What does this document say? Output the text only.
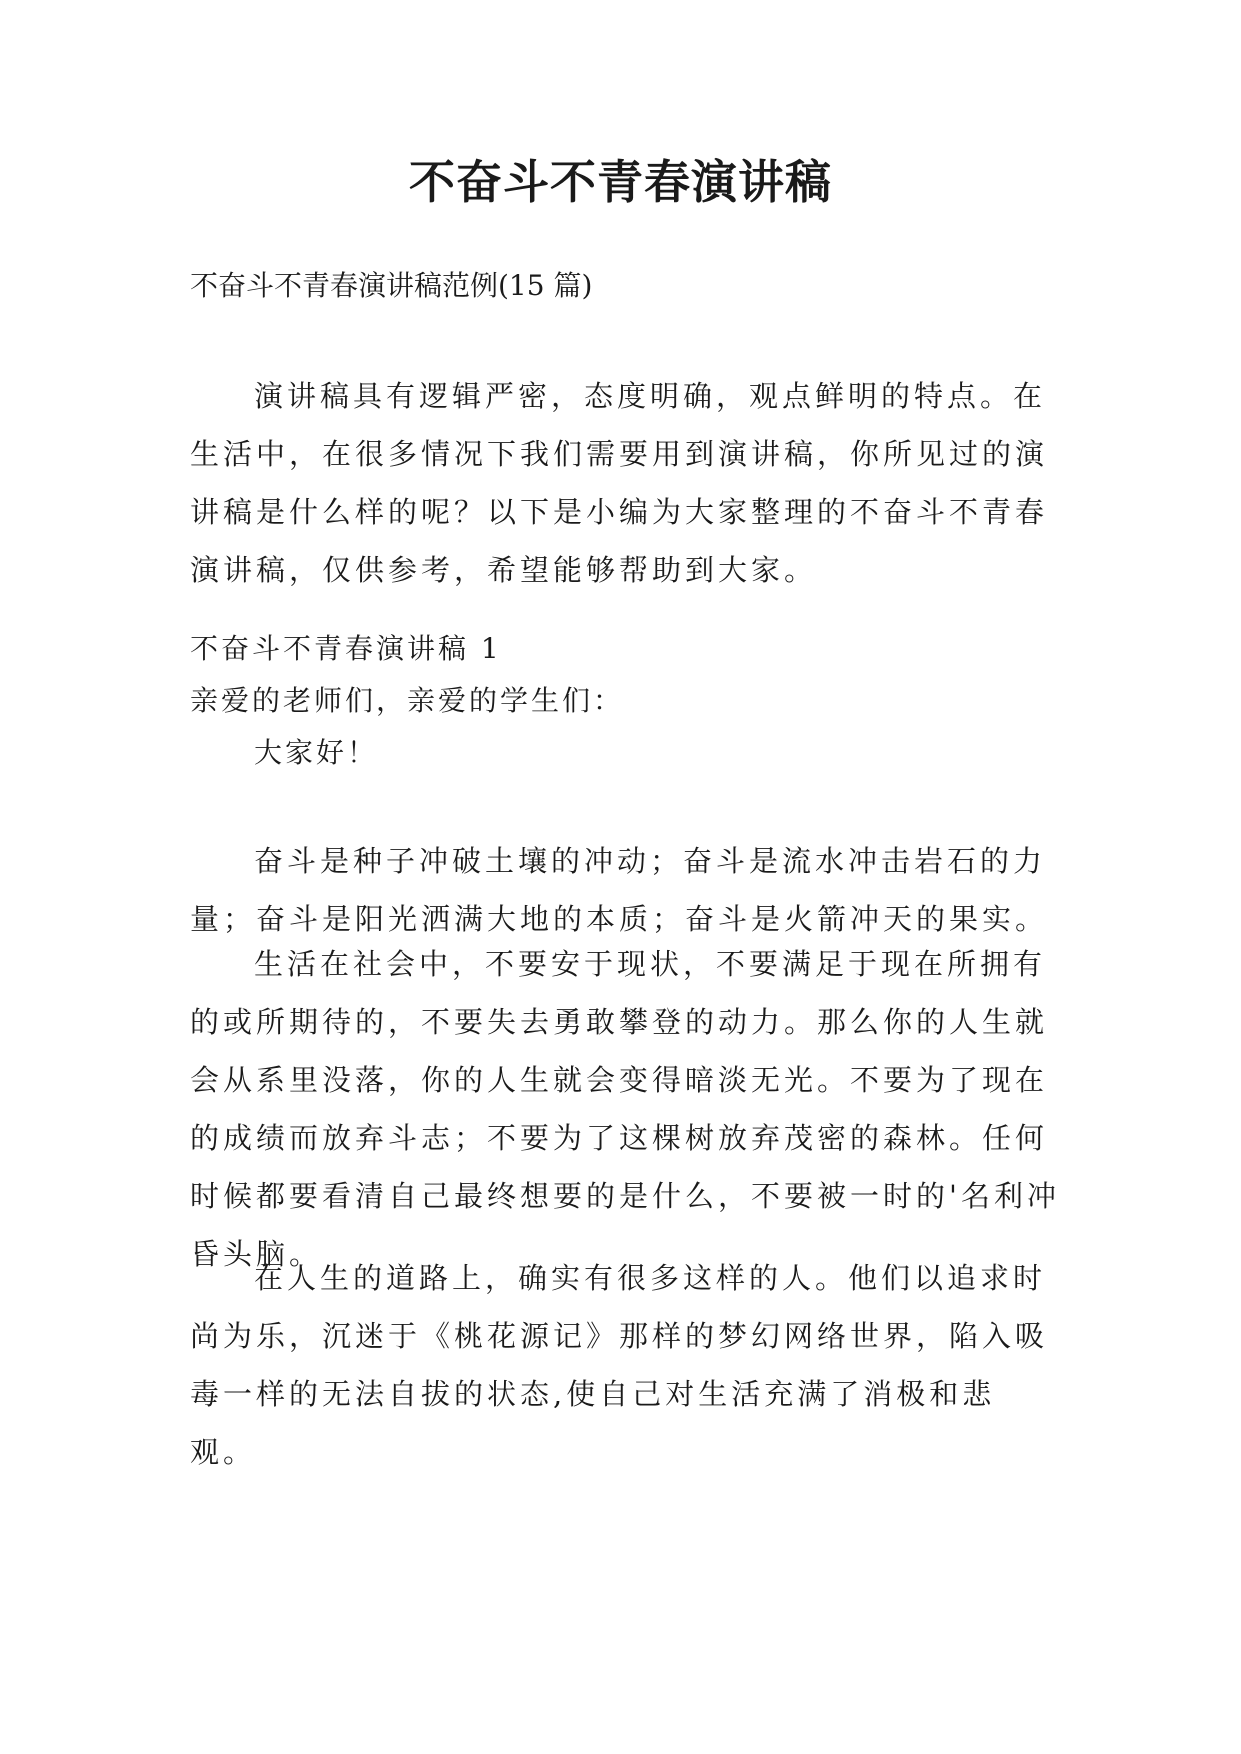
不奋斗不青春演讲稿

不奋斗不青春演讲稿范例(15 篇)

演讲稿具有逻辑严密，态度明确，观点鲜明的特点。在生活中，在很多情况下我们需要用到演讲稿，你所见过的演讲稿是什么样的呢？以下是小编为大家整理的不奋斗不青春演讲稿，仅供参考，希望能够帮助到大家。

不奋斗不青春演讲稿 1

亲爱的老师们，亲爱的学生们：

大家好！

奋斗是种子冲破土壤的冲动；奋斗是流水冲击岩石的力量；奋斗是阳光洒满大地的本质；奋斗是火箭冲天的果实。

生活在社会中，不要安于现状，不要满足于现在所拥有的或所期待的，不要失去勇敢攀登的动力。那么你的人生就会从系里没落，你的人生就会变得暗淡无光。不要为了现在的成绩而放弃斗志；不要为了这棵树放弃茂密的森林。任何时候都要看清自己最终想要的是什么，不要被一时的'名利冲昏头脑。

在人生的道路上，确实有很多这样的人。他们以追求时尚为乐，沉迷于《桃花源记》那样的梦幻网络世界，陷入吸毒一样的无法自拔的状态,使自己对生活充满了消极和悲观。
